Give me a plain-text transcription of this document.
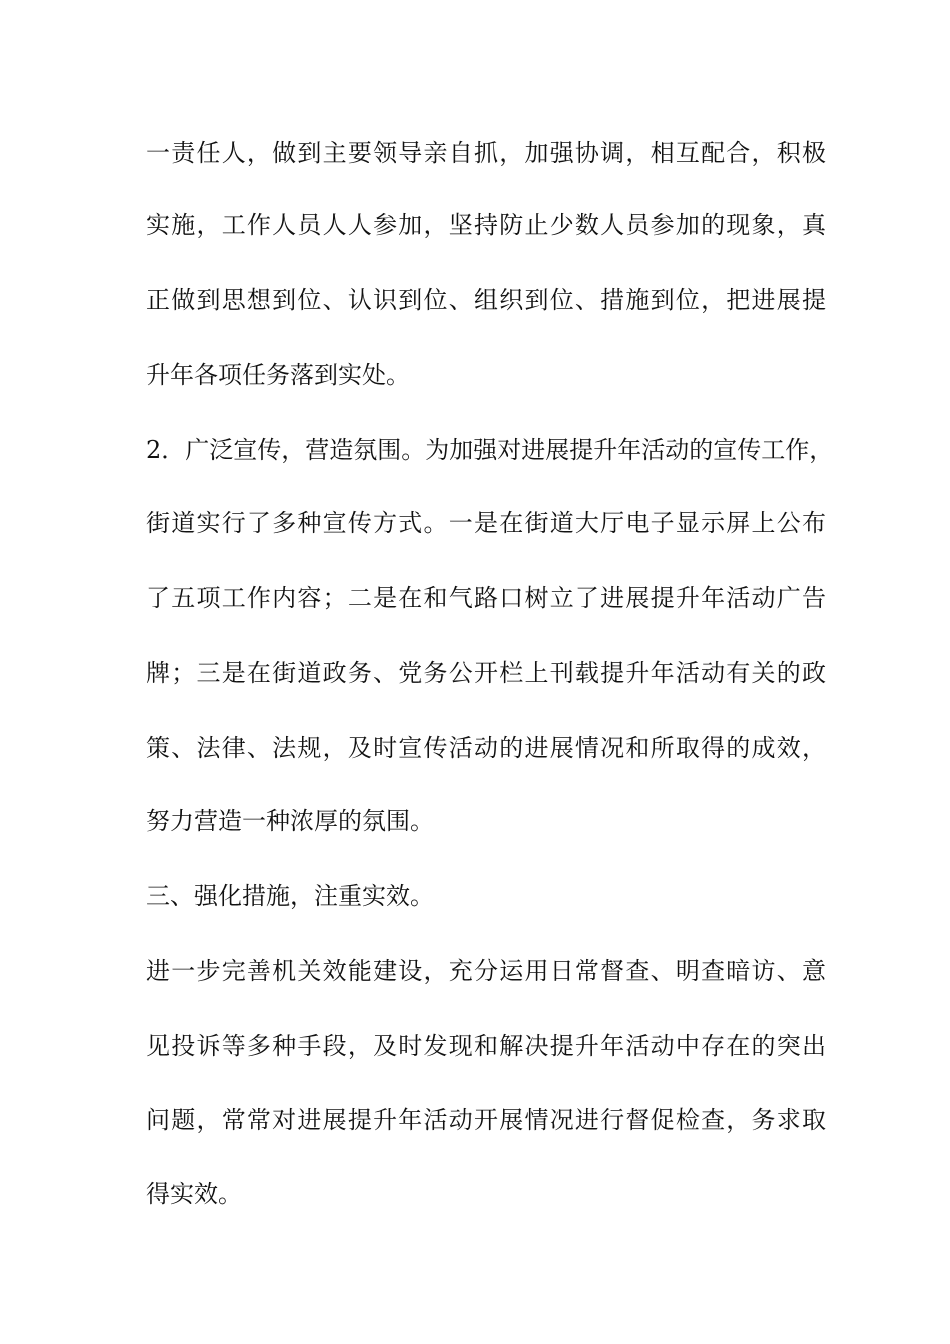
一责任人，做到主要领导亲自抓，加强协调，相互配合，积极
实施，工作人员人人参加，坚持防止少数人员参加的现象，真
正做到思想到位、认识到位、组织到位、措施到位，把进展提
升年各项任务落到实处。
2．广泛宣传，营造氛围。为加强对进展提升年活动的宣传工作，
街道实行了多种宣传方式。一是在街道大厅电子显示屏上公布
了五项工作内容；二是在和气路口树立了进展提升年活动广告
牌；三是在街道政务、党务公开栏上刊载提升年活动有关的政
策、法律、法规，及时宣传活动的进展情况和所取得的成效，
努力营造一种浓厚的氛围。
三、强化措施，注重实效。
进一步完善机关效能建设，充分运用日常督查、明查暗访、意
见投诉等多种手段，及时发现和解决提升年活动中存在的突出
问题，常常对进展提升年活动开展情况进行督促检查，务求取
得实效。
